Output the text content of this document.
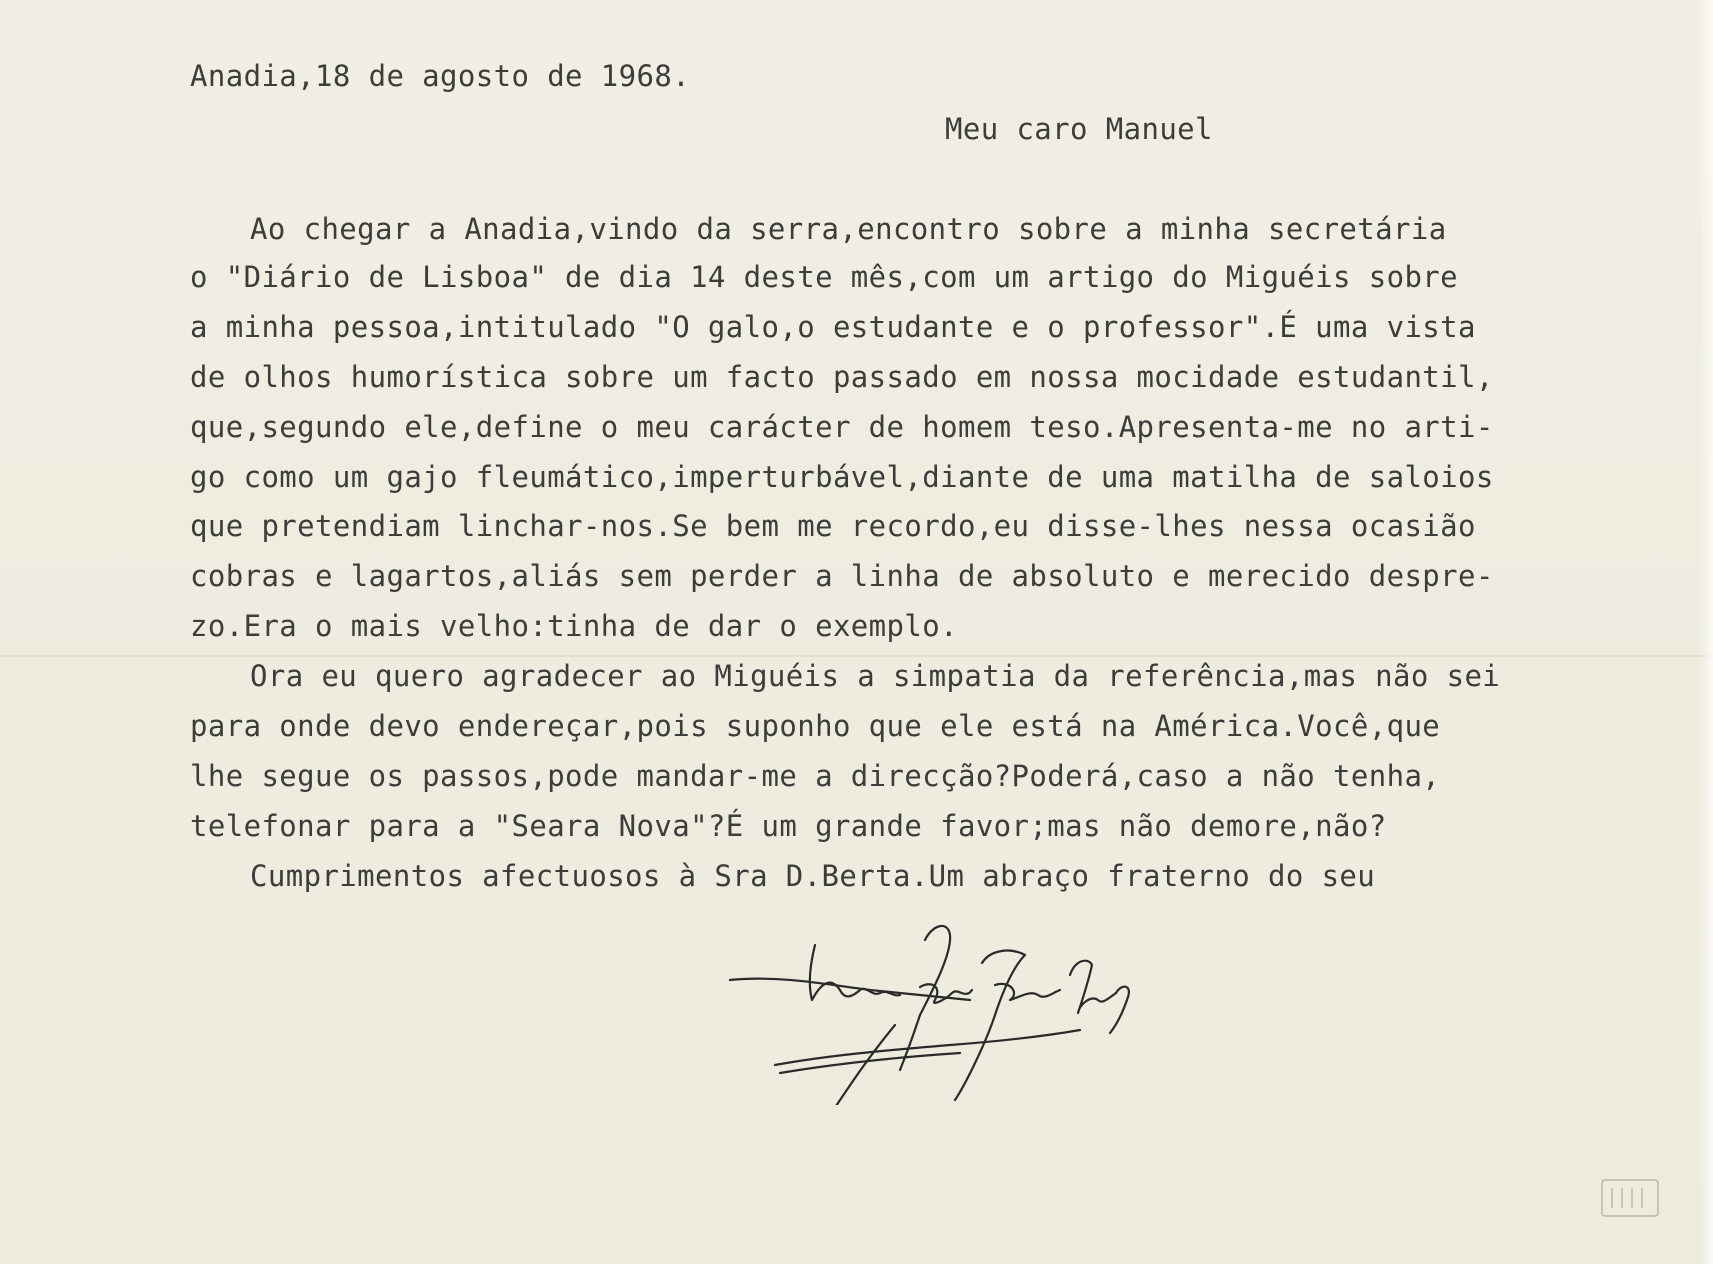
Anadia,18 de agosto de 1968.

Meu caro Manuel

Ao chegar a Anadia,vindo da serra,encontro sobre a minha secretária

o "Diário de Lisboa" de dia 14 deste mês,com um artigo do Miguéis sobre

a minha pessoa,intitulado "O galo,o estudante e o professor".É uma vista

de olhos humorística sobre um facto passado em nossa mocidade estudantil,

que,segundo ele,define o meu carácter de homem teso.Apresenta-me no arti-

go como um gajo fleumático,imperturbável,diante de uma matilha de saloios

que pretendiam linchar-nos.Se bem me recordo,eu disse-lhes nessa ocasião

cobras e lagartos,aliás sem perder a linha de absoluto e merecido despre-

zo.Era o mais velho:tinha de dar o exemplo.

Ora eu quero agradecer ao Miguéis a simpatia da referência,mas não sei

para onde devo endereçar,pois suponho que ele está na América.Você,que

lhe segue os passos,pode mandar-me a direcção?Poderá,caso a não tenha,

telefonar para a "Seara Nova"?É um grande favor;mas não demore,não?

Cumprimentos afectuosos à Sra D.Berta.Um abraço fraterno do seu
